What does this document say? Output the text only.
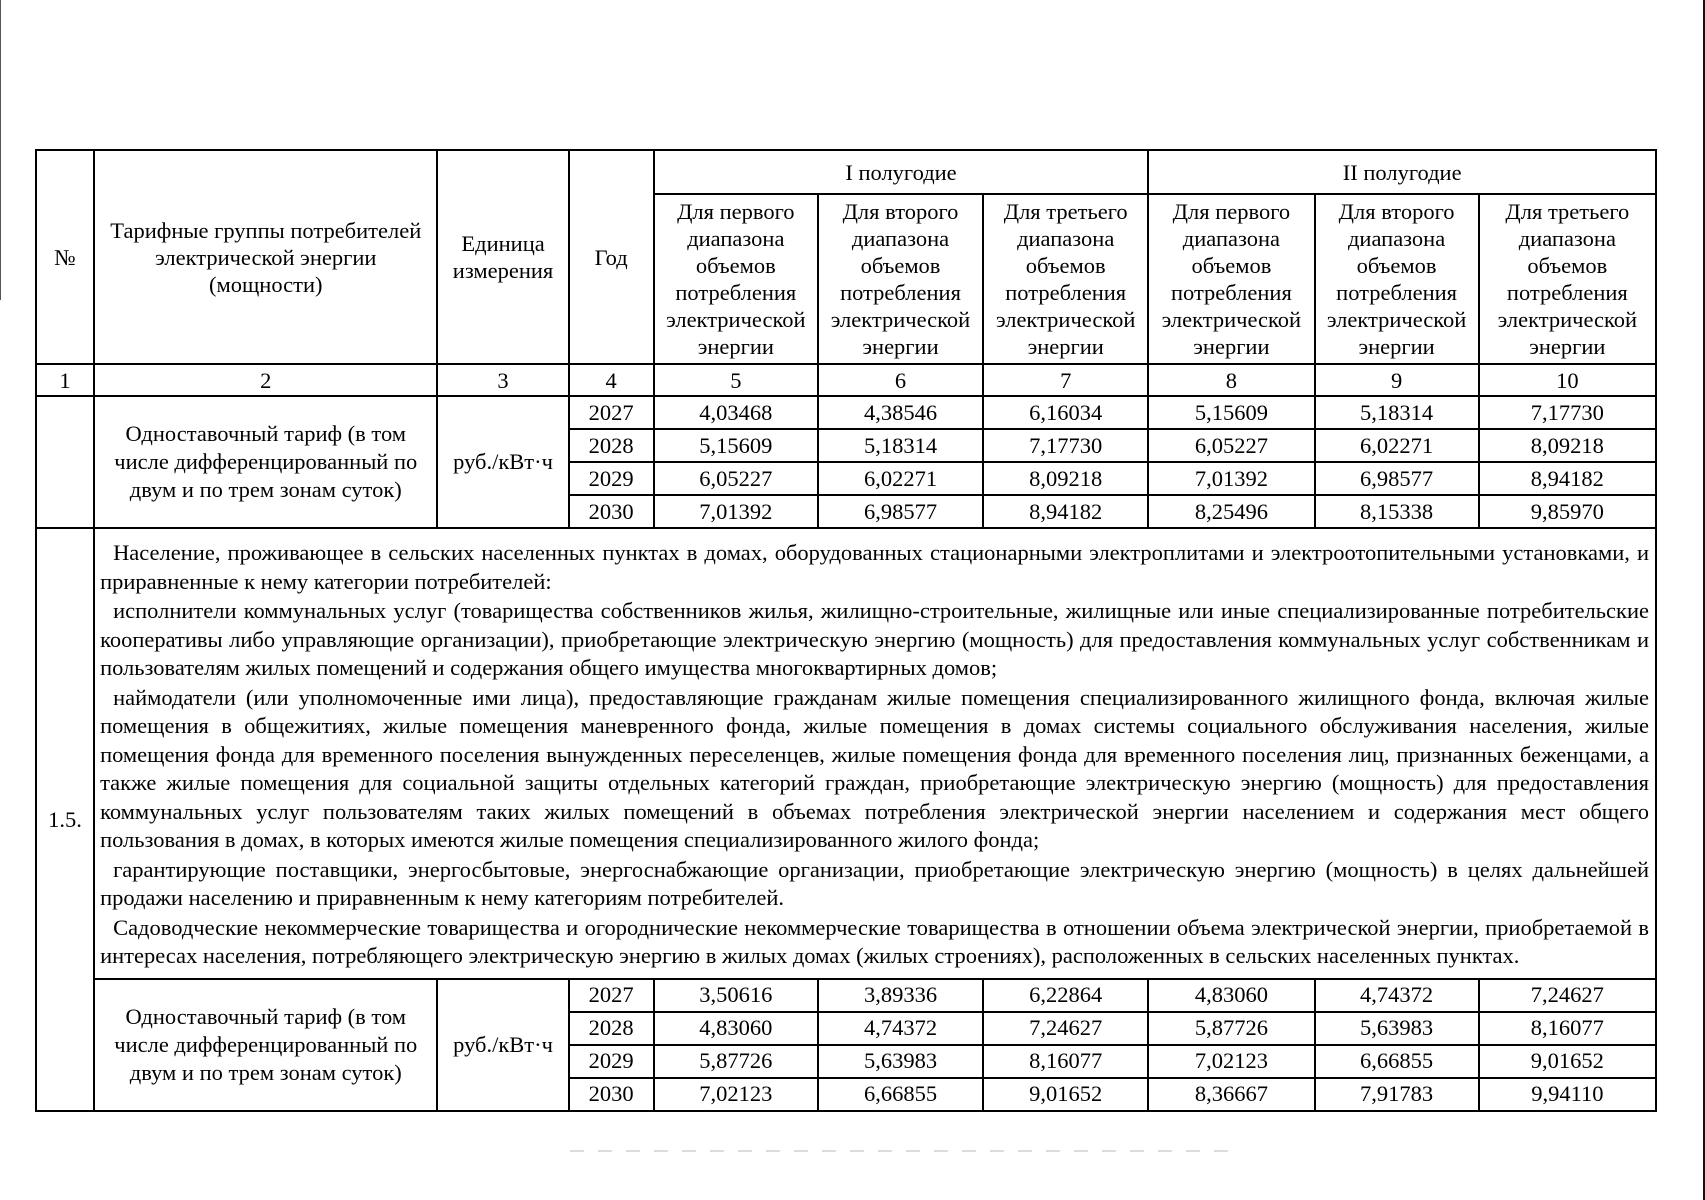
№	Тарифные группы потребителей электрической энергии (мощности)	Единица измерения	Год	I полугодие			II полугодие		
				Для первого диапазона объемов потребления электрической энергии	Для второго диапазона объемов потребления электрической энергии	Для третьего диапазона объемов потребления электрической энергии	Для первого диапазона объемов потребления электрической энергии	Для второго диапазона объемов потребления электрической энергии	Для третьего диапазона объемов потребления электрической энергии
1	2	3	4	5	6	7	8	9	10
	Одноставочный тариф (в том числе дифференцированный по двум и по трем зонам суток)	руб./кВт·ч	2027	4,03468	4,38546	6,16034	5,15609	5,18314	7,17730
			2028	5,15609	5,18314	7,17730	6,05227	6,02271	8,09218
			2029	6,05227	6,02271	8,09218	7,01392	6,98577	8,94182
			2030	7,01392	6,98577	8,94182	8,25496	8,15338	9,85970
1.5.	Население, проживающее в сельских населенных пунктах в домах, оборудованных стационарными электроплитами и электроотопительными установками, и приравненные к нему категории потребителей:

исполнители коммунальных услуг (товарищества собственников жилья, жилищно-строительные, жилищные или иные специализированные потребительские кооперативы либо управляющие организации), приобретающие электрическую энергию (мощность) для предоставления коммунальных услуг собственникам и пользователям жилых помещений и содержания общего имущества многоквартирных домов;

наймодатели (или уполномоченные ими лица), предоставляющие гражданам жилые помещения специализированного жилищного фонда, включая жилые помещения в общежитиях, жилые помещения маневренного фонда, жилые помещения в домах системы социального обслуживания населения, жилые помещения фонда для временного поселения вынужденных переселенцев, жилые помещения фонда для временного поселения лиц, признанных беженцами, а также жилые помещения для социальной защиты отдельных категорий граждан, приобретающие электрическую энергию (мощность) для предоставления коммунальных услуг пользователям таких жилых помещений в объемах потребления электрической энергии населением и содержания мест общего пользования в домах, в которых имеются жилые помещения специализированного жилого фонда;

гарантирующие поставщики, энергосбытовые, энергоснабжающие организации, приобретающие электрическую энергию (мощность) в целях дальнейшей продажи населению и приравненным к нему категориям потребителей.

Садоводческие некоммерческие товарищества и огороднические некоммерческие товарищества в отношении объема электрической энергии, приобретаемой в интересах населения, потребляющего электрическую энергию в жилых домах (жилых строениях), расположенных в сельских населенных пунктах.								

	Одноставочный тариф (в том числе дифференцированный по двум и по трем зонам суток)	руб./кВт·ч	2027	3,50616	3,89336	6,22864	4,83060	4,74372	7,24627
			2028	4,83060	4,74372	7,24627	5,87726	5,63983	8,16077
			2029	5,87726	5,63983	8,16077	7,02123	6,66855	9,01652
			2030	7,02123	6,66855	9,01652	8,36667	7,91783	9,94110
